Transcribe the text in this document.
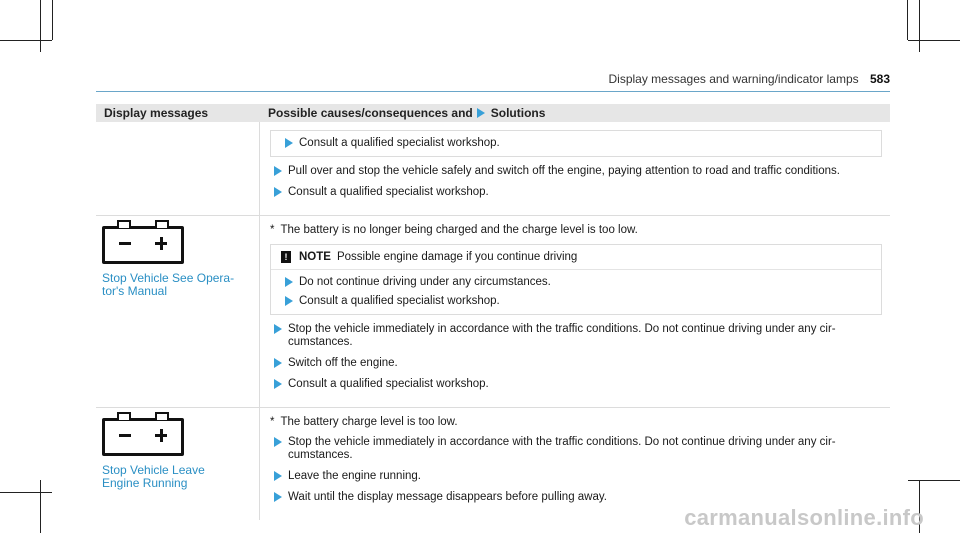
Display messages and warning/indicator lamps 583
Display messages	Possible causes/consequences and Solutions
Consult a qualified specialist workshop.
Pull over and stop the vehicle safely and switch off the engine, paying attention to road and traffic conditions.
Consult a qualified specialist workshop.
Stop Vehicle See Opera-tor's Manual
* The battery is no longer being charged and the charge level is too low.
!	NOTE Possible engine damage if you continue driving
Do not continue driving under any circumstances.
Consult a qualified specialist workshop.
Stop the vehicle immediately in accordance with the traffic conditions. Do not continue driving under any cir-cumstances.
Switch off the engine.
Consult a qualified specialist workshop.
Stop Vehicle Leave Engine Running
* The battery charge level is too low.
Stop the vehicle immediately in accordance with the traffic conditions. Do not continue driving under any cir-cumstances.
Leave the engine running.
Wait until the display message disappears before pulling away.
carmanualsonline.info
